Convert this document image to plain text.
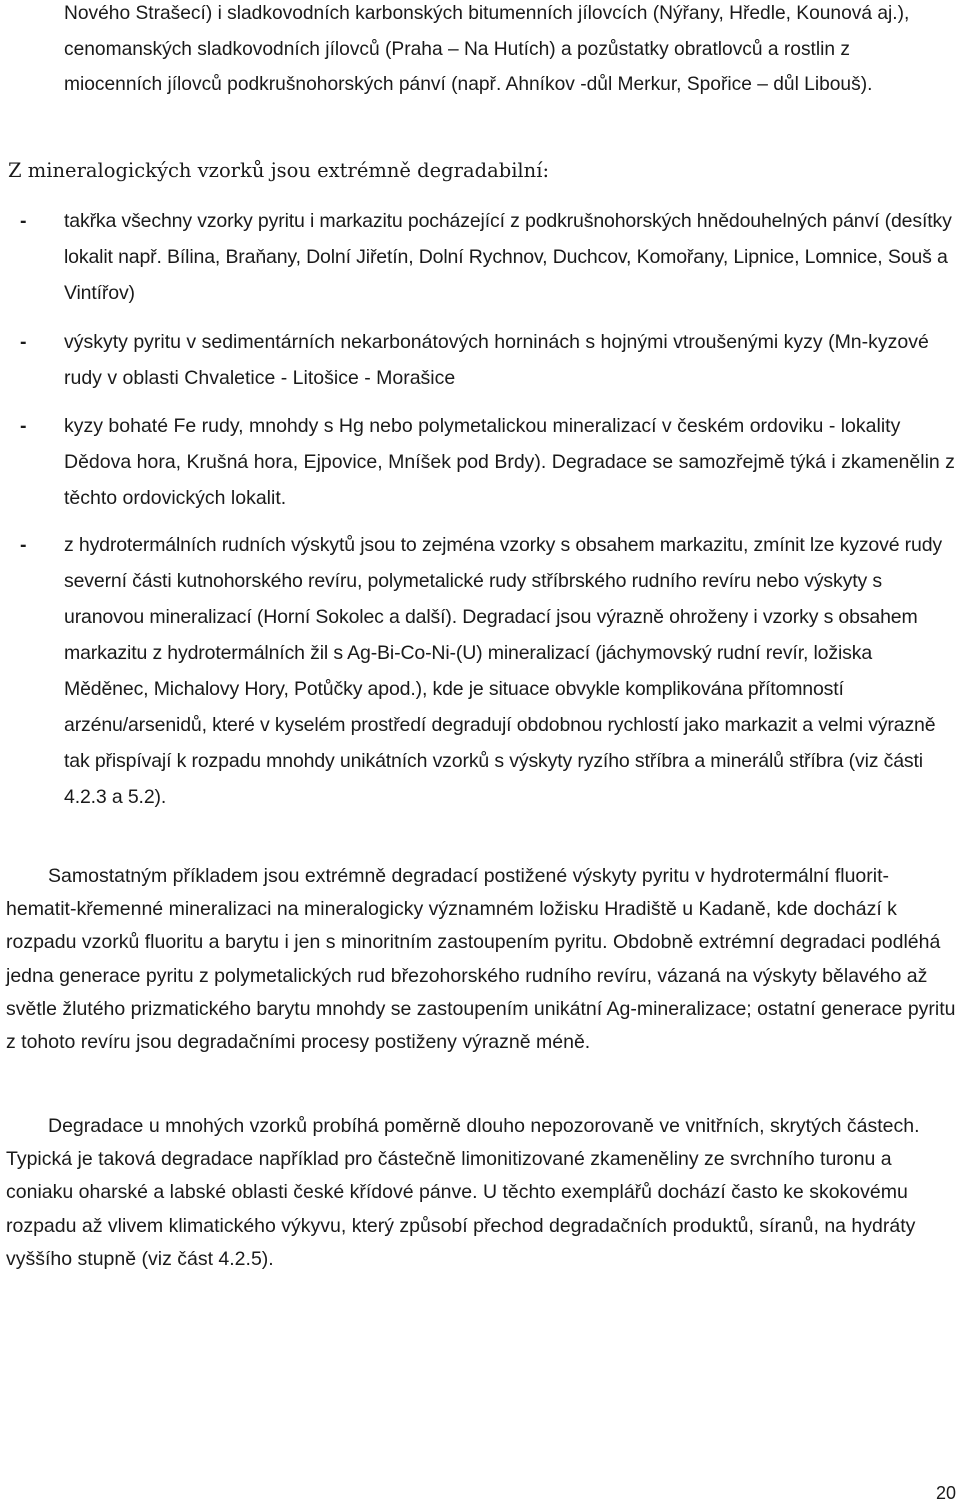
Nového Strašecí) i sladkovodních karbonských bitumenních jílovcích (Nýřany, Hředle, Kounová aj.), cenomanských sladkovodních jílovců (Praha – Na Hutích) a pozůstatky obratlovců a rostlin z miocenních jílovců podkrušnohorských pánví (např. Ahníkov -důl Merkur, Spořice – důl Libouš).

Z mineralogických vzorků jsou extrémně degradabilní:
- takřka všechny vzorky pyritu i markazitu pocházející z podkrušnohorských hnědouhelných pánví (desítky lokalit např. Bílina, Braňany, Dolní Jiřetín, Dolní Rychnov, Duchcov, Komořany, Lipnice, Lomnice, Souš a Vintířov)

- výskyty pyritu v sedimentárních nekarbonátových horninách s hojnými vtroušenými kyzy (Mn-kyzové rudy v oblasti Chvaletice - Litošice - Morašice

- kyzy bohaté Fe rudy, mnohdy s Hg nebo polymetalickou mineralizací v českém ordoviku - lokality Dědova hora, Krušná hora, Ejpovice, Mníšek pod Brdy). Degradace se samozřejmě týká i zkamenělin z těchto ordovických lokalit.

- z hydrotermálních rudních výskytů jsou to zejména vzorky s obsahem markazitu, zmínit lze kyzové rudy severní části kutnohorského revíru, polymetalické rudy stříbrského rudního revíru nebo výskyty s uranovou mineralizací (Horní Sokolec a další). Degradací jsou výrazně ohroženy i vzorky s obsahem markazitu z hydrotermálních žil s Ag-Bi-Co-Ni-(U) mineralizací (jáchymovský rudní revír, ložiska Měděnec, Michalovy Hory, Potůčky apod.), kde je situace obvykle komplikována přítomností arzénu/arsenidů, které v kyselém prostředí degradují obdobnou rychlostí jako markazit a velmi výrazně tak přispívají k rozpadu mnohdy unikátních vzorků s výskyty ryzího stříbra a minerálů stříbra (viz části 4.2.3 a 5.2).

Samostatným příkladem jsou extrémně degradací postižené výskyty pyritu v hydrotermální fluorit-hematit-křemenné mineralizaci na mineralogicky významném ložisku Hradiště u Kadaně, kde dochází k rozpadu vzorků fluoritu a barytu i jen s minoritním zastoupením pyritu. Obdobně extrémní degradaci podléhá jedna generace pyritu z polymetalických rud březohorského rudního revíru, vázaná na výskyty bělavého až světle žlutého prizmatického barytu mnohdy se zastoupením unikátní Ag-mineralizace; ostatní generace pyritu z tohoto revíru jsou degradačními procesy postiženy výrazně méně.

Degradace u mnohých vzorků probíhá poměrně dlouho nepozorovaně ve vnitřních, skrytých částech. Typická je taková degradace například pro částečně limonitizované zkameněliny ze svrchního turonu a coniaku oharské a labské oblasti české křídové pánve. U těchto exemplářů dochází často ke skokovému rozpadu až vlivem klimatického výkyvu, který způsobí přechod degradačních produktů, síranů, na hydráty vyššího stupně (viz část 4.2.5).

20
